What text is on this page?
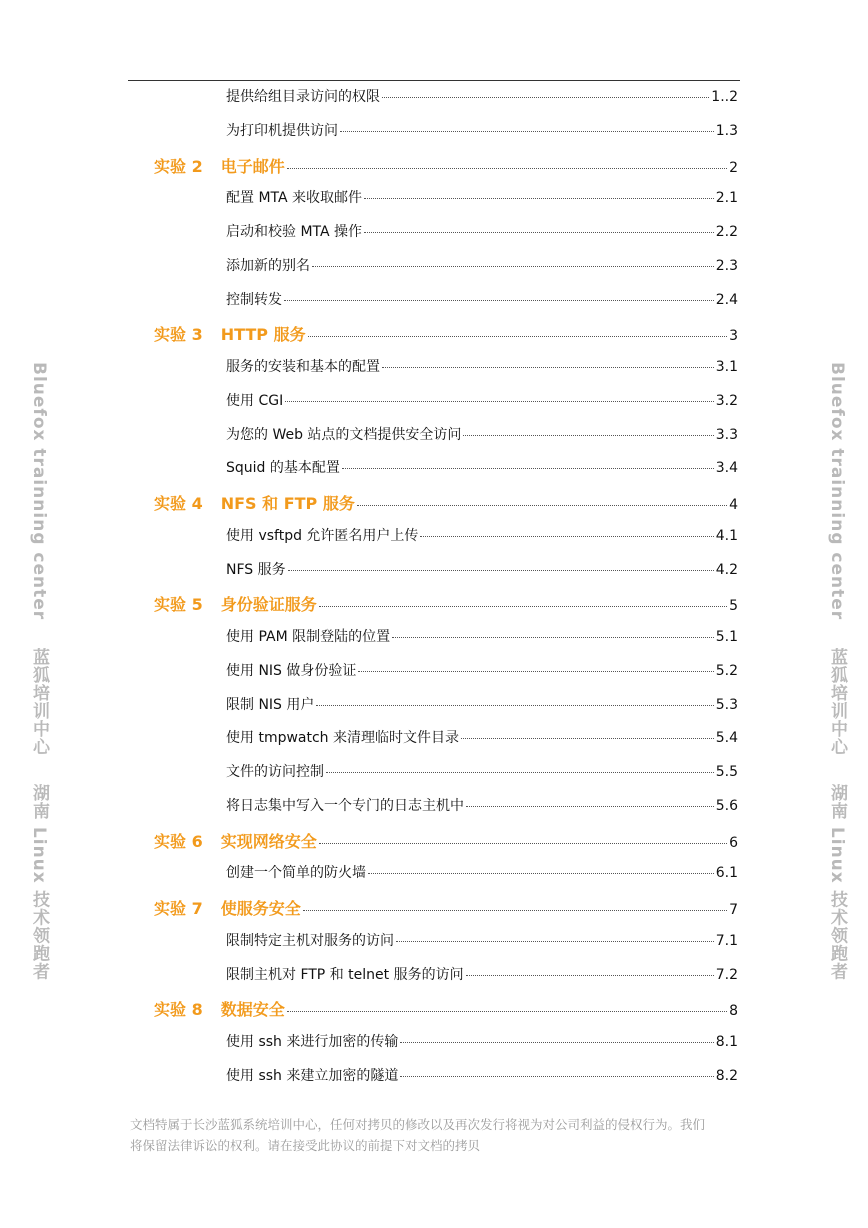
提供给组目录访问的权限	1..2
为打印机提供访问	1.3
实验 2 电子邮件	2
配置 MTA 来收取邮件	2.1
启动和校验 MTA 操作	2.2
添加新的别名	2.3
控制转发	2.4
实验 3 HTTP 服务	3
服务的安装和基本的配置	3.1
使用 CGI	3.2
为您的 Web 站点的文档提供安全访问	3.3
Squid 的基本配置	3.4
实验 4 NFS 和 FTP 服务	4
使用 vsftpd 允许匿名用户上传	4.1
NFS 服务	4.2
实验 5 身份验证服务	5
使用 PAM 限制登陆的位置	5.1
使用 NIS 做身份验证	5.2
限制 NIS 用户	5.3
使用 tmpwatch 来清理临时文件目录	5.4
文件的访问控制	5.5
将日志集中写入一个专门的日志主机中	5.6
实验 6 实现网络安全	6
创建一个简单的防火墙	6.1
实验 7 使服务安全	7
限制特定主机对服务的访问	7.1
限制主机对 FTP 和 telnet 服务的访问	7.2
实验 8 数据安全	8
使用 ssh 来进行加密的传输	8.1
使用 ssh 来建立加密的隧道	8.2
Bluefox trainning center  蓝狐培训中心  湖南 Linux 技术领跑者
Bluefox trainning center  蓝狐培训中心  湖南 Linux 技术领跑者
文档特属于长沙蓝狐系统培训中心，任何对拷贝的修改以及再次发行将视为对公司利益的侵权行为。我们
将保留法律诉讼的权利。请在接受此协议的前提下对文档的拷贝
